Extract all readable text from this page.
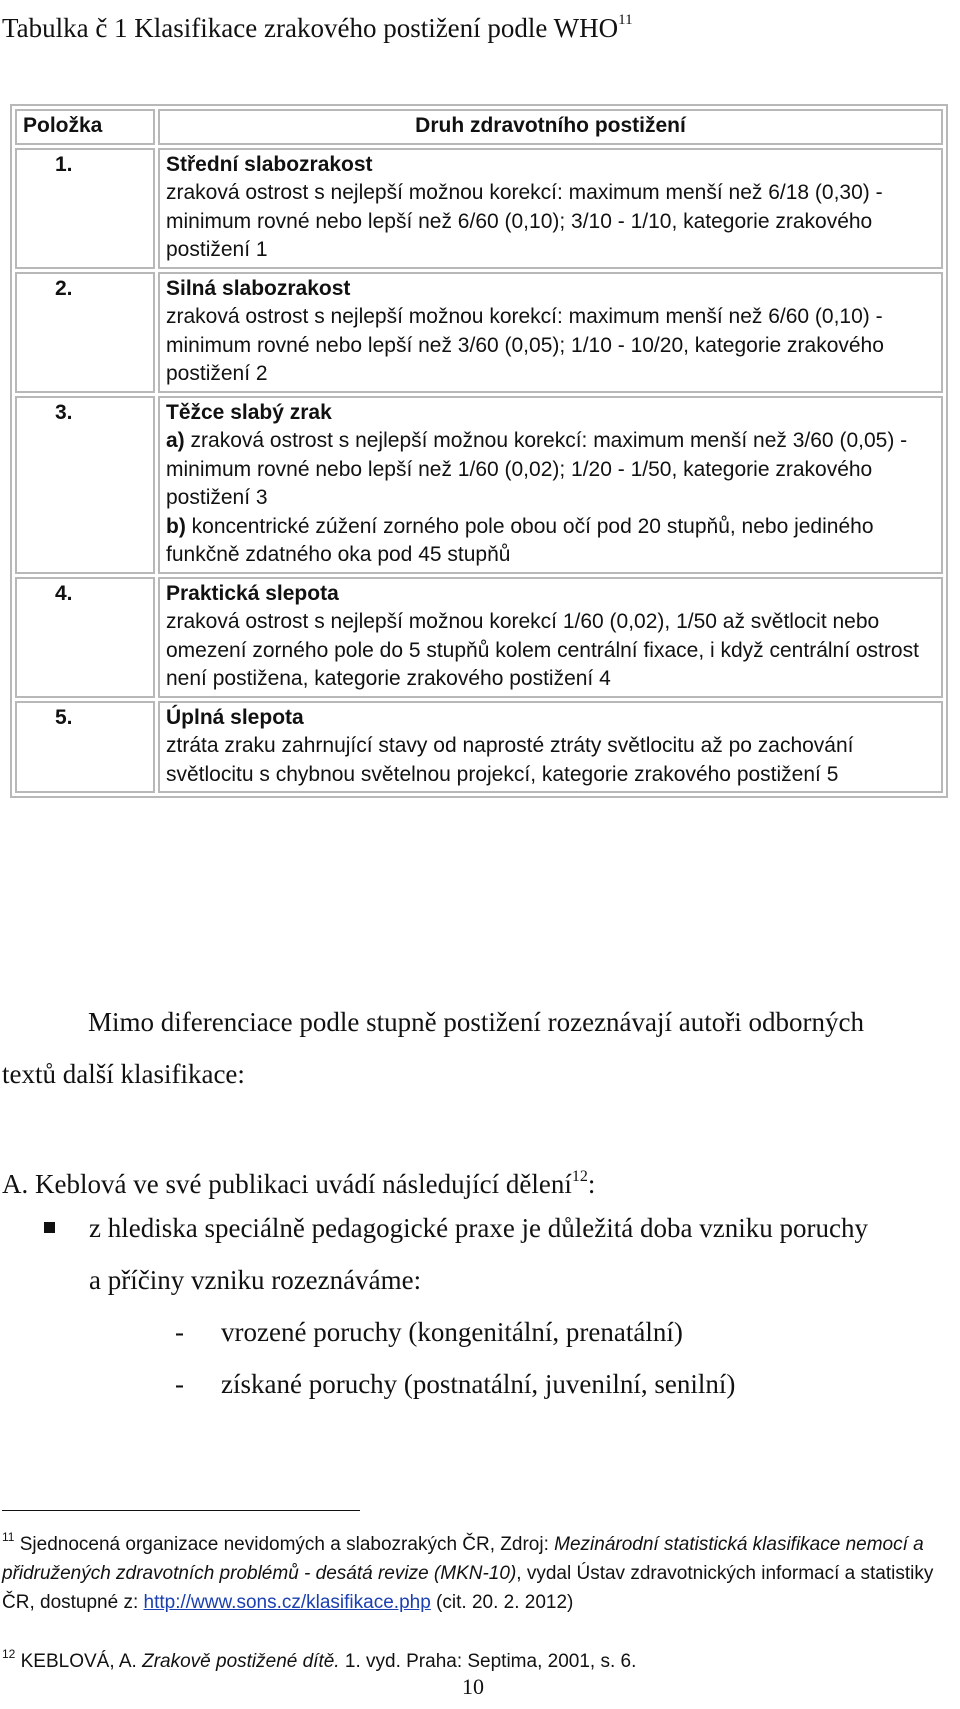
Tabulka č 1 Klasifikace zrakového postižení podle WHO$^{11}$
Položka	Druh zdravotního postižení
1.	Střední slabozrakost
zraková ostrost s nejlepší možnou korekcí: maximum menší než 6/18 (0,30) - minimum rovné nebo lepší než 6/60 (0,10); 3/10 - 1/10, kategorie zrakového postižení 1
2.	Silná slabozrakost
zraková ostrost s nejlepší možnou korekcí: maximum menší než 6/60 (0,10) - minimum rovné nebo lepší než 3/60 (0,05); 1/10 - 10/20, kategorie zrakového postižení 2
3.	Těžce slabý zrak
a) zraková ostrost s nejlepší možnou korekcí: maximum menší než 3/60 (0,05) - minimum rovné nebo lepší než 1/60 (0,02); 1/20 - 1/50, kategorie zrakového postižení 3
b) koncentrické zúžení zorného pole obou očí pod 20 stupňů, nebo jediného funkčně zdatného oka pod 45 stupňů

4.	Praktická slepota
zraková ostrost s nejlepší možnou korekcí 1/60 (0,02), 1/50 až světlocit nebo omezení zorného pole do 5 stupňů kolem centrální fixace, i když centrální ostrost není postižena, kategorie zrakového postižení 4
5.	Úplná slepota
ztráta zraku zahrnující stavy od naprosté ztráty světlocitu až po zachování světlocitu s chybnou světelnou projekcí, kategorie zrakového postižení 5
Mimo diferenciace podle stupně postižení rozeznávají autoři odborných
textů další klasifikace:
A. Keblová ve své publikaci uvádí následující dělení$^{12}$:
z hlediska speciálně pedagogické praxe je důležitá doba vzniku poruchy
a příčiny vzniku rozeznáváme:
- vrozené poruchy (kongenitální, prenatální)
- získané poruchy (postnatální, juvenilní, senilní)
$^{11}$ Sjednocená organizace nevidomých a slabozrakých ČR, Zdroj: Mezinárodní statistická klasifikace nemocí a přidružených zdravotních problémů - desátá revize (MKN-10), vydal Ústav zdravotnických informací a statistiky ČR, dostupné z: http://www.sons.cz/klasifikace.php (cit. 20. 2. 2012)
$^{12}$ KEBLOVÁ, A. Zrakově postižené dítě. 1. vyd. Praha: Septima, 2001, s. 6.
10
